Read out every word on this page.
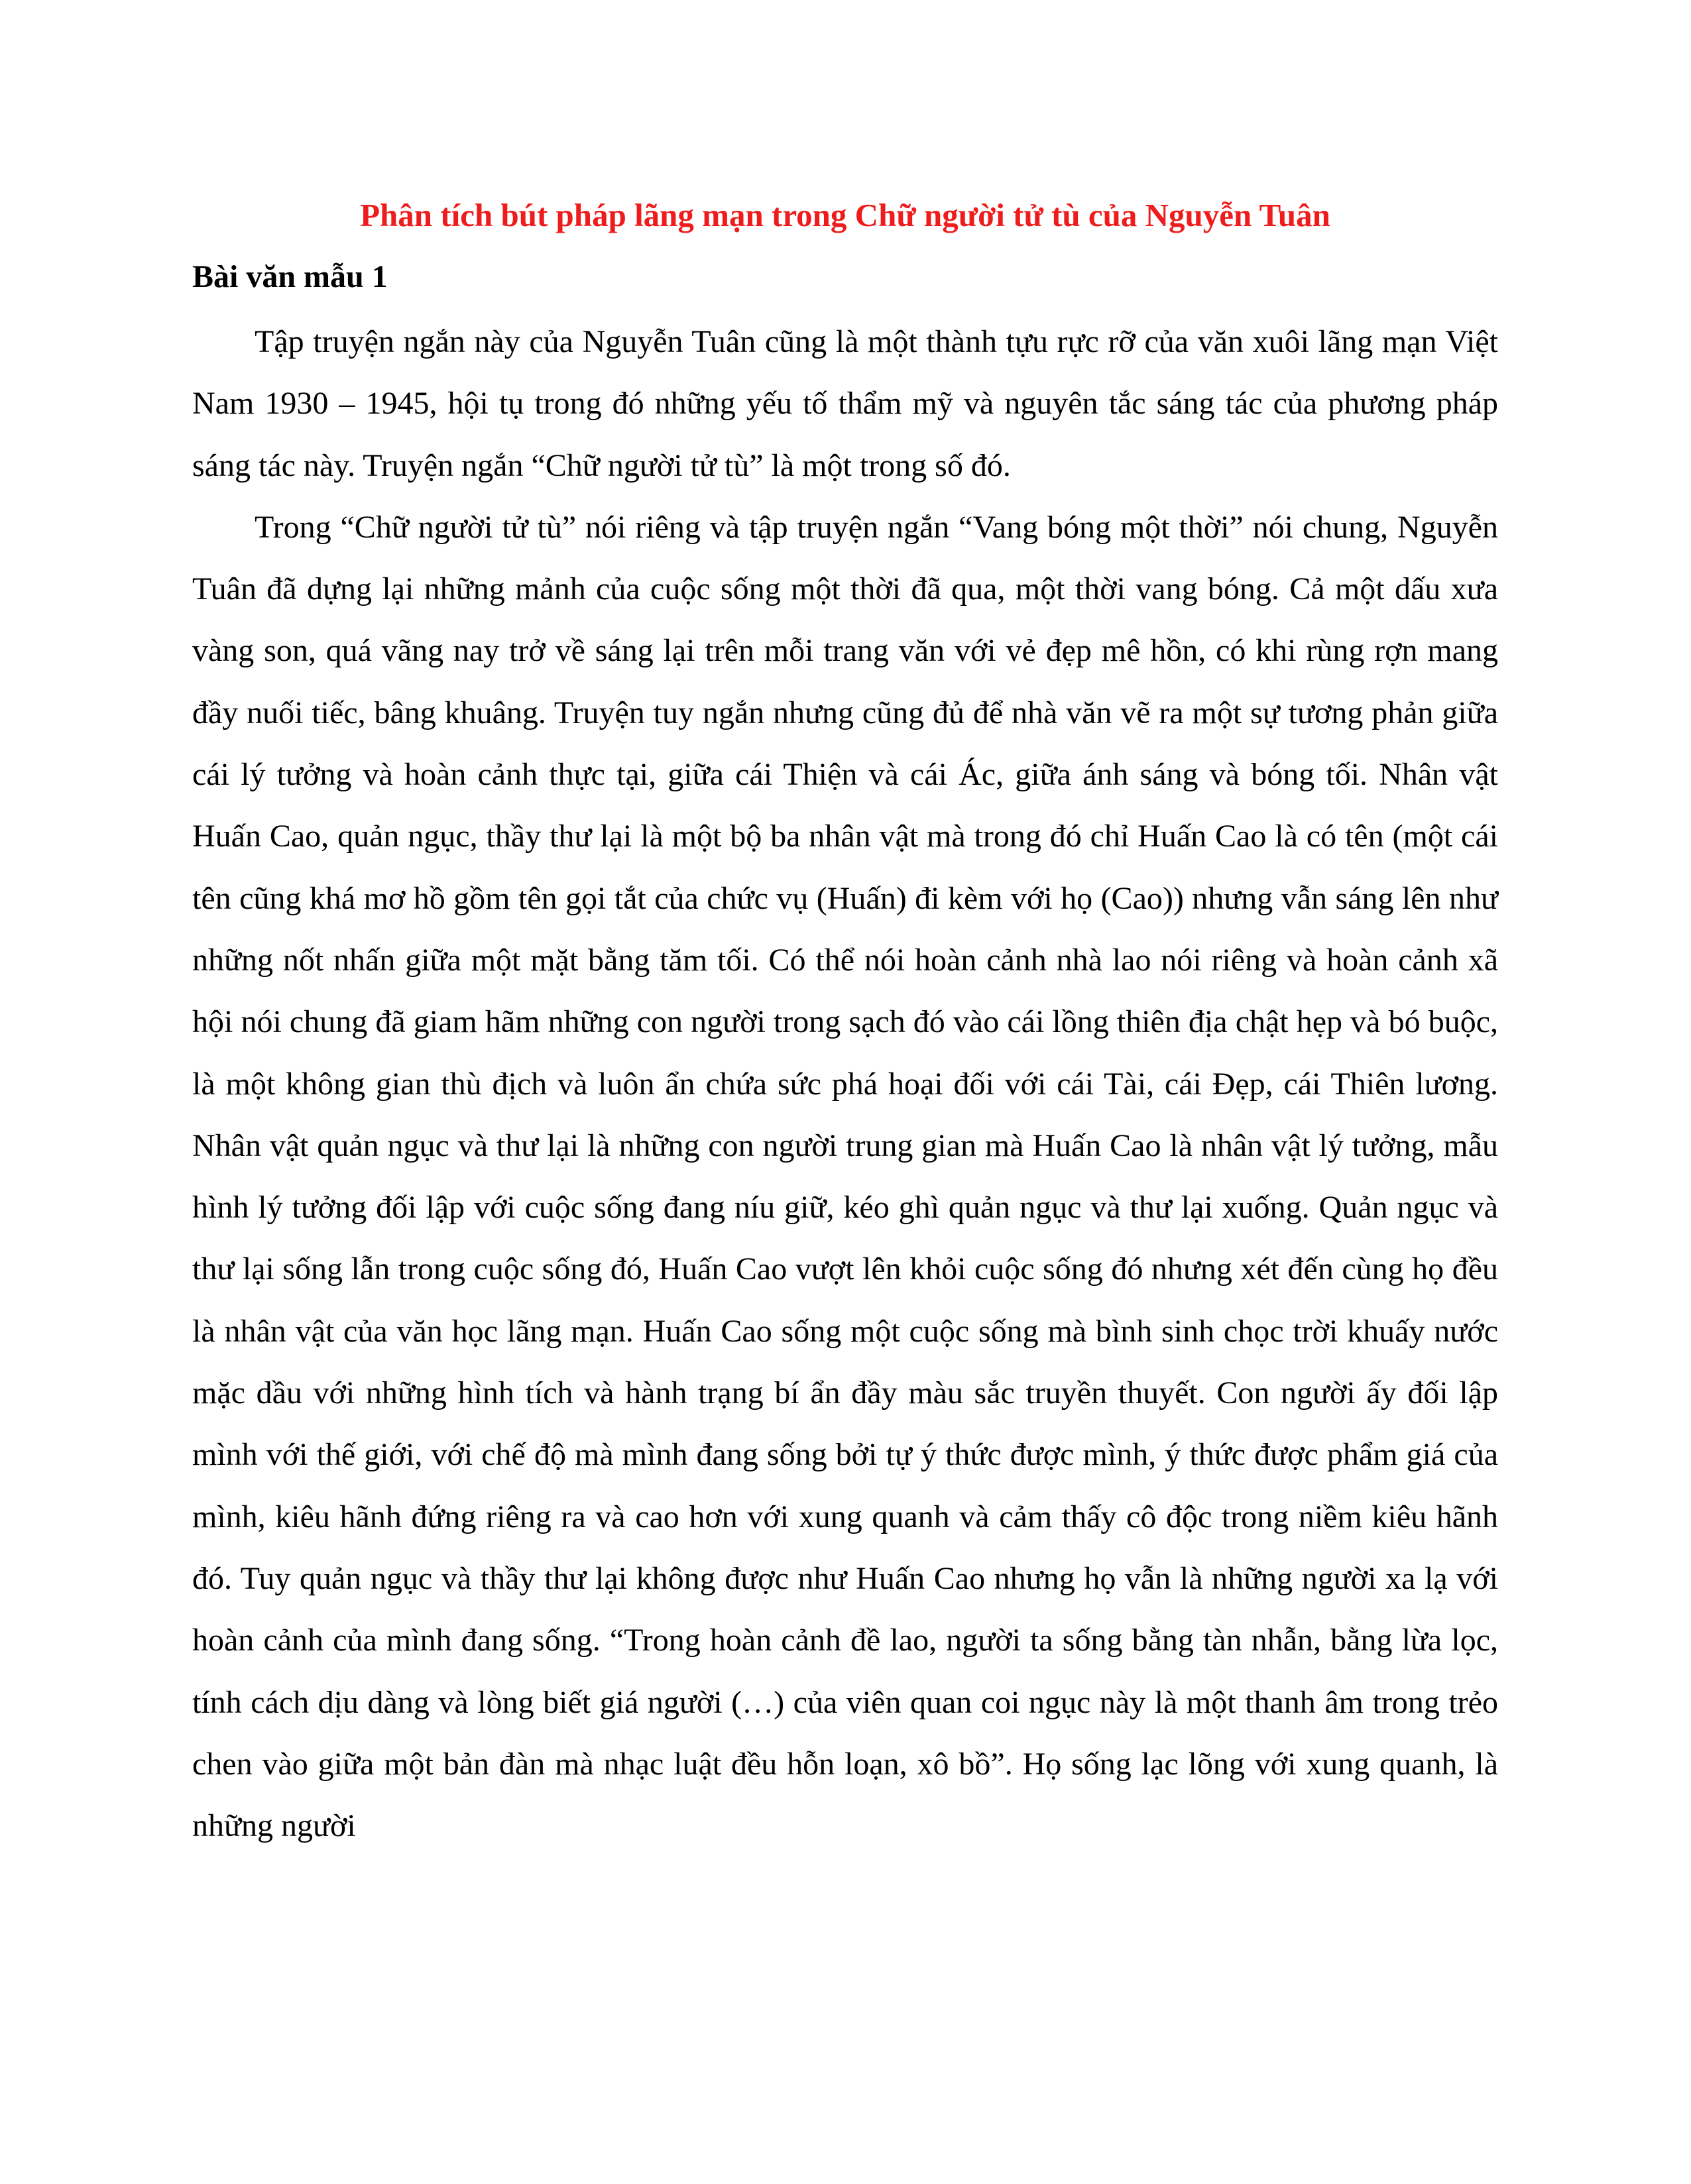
Phân tích bút pháp lãng mạn trong Chữ người tử tù của Nguyễn Tuân
Bài văn mẫu 1

Tập truyện ngắn này của Nguyễn Tuân cũng là một thành tựu rực rỡ của văn xuôi lãng mạn Việt Nam 1930 – 1945, hội tụ trong đó những yếu tố thẩm mỹ và nguyên tắc sáng tác của phương pháp sáng tác này. Truyện ngắn “Chữ người tử tù” là một trong số đó.

Trong “Chữ người tử tù” nói riêng và tập truyện ngắn “Vang bóng một thời” nói chung, Nguyễn Tuân đã dựng lại những mảnh của cuộc sống một thời đã qua, một thời vang bóng. Cả một dấu xưa vàng son, quá vãng nay trở về sáng lại trên mỗi trang văn với vẻ đẹp mê hồn, có khi rùng rợn mang đầy nuối tiếc, bâng khuâng. Truyện tuy ngắn nhưng cũng đủ để nhà văn vẽ ra một sự tương phản giữa cái lý tưởng và hoàn cảnh thực tại, giữa cái Thiện và cái Ác, giữa ánh sáng và bóng tối. Nhân vật Huấn Cao, quản ngục, thầy thư lại là một bộ ba nhân vật mà trong đó chỉ Huấn Cao là có tên (một cái tên cũng khá mơ hồ gồm tên gọi tắt của chức vụ (Huấn) đi kèm với họ (Cao)) nhưng vẫn sáng lên như những nốt nhấn giữa một mặt bằng tăm tối. Có thể nói hoàn cảnh nhà lao nói riêng và hoàn cảnh xã hội nói chung đã giam hãm những con người trong sạch đó vào cái lồng thiên địa chật hẹp và bó buộc, là một không gian thù địch và luôn ẩn chứa sức phá hoại đối với cái Tài, cái Đẹp, cái Thiên lương. Nhân vật quản ngục và thư lại là những con người trung gian mà Huấn Cao là nhân vật lý tưởng, mẫu hình lý tưởng đối lập với cuộc sống đang níu giữ, kéo ghì quản ngục và thư lại xuống. Quản ngục và thư lại sống lẫn trong cuộc sống đó, Huấn Cao vượt lên khỏi cuộc sống đó nhưng xét đến cùng họ đều là nhân vật của văn học lãng mạn. Huấn Cao sống một cuộc sống mà bình sinh chọc trời khuấy nước mặc dầu với những hình tích và hành trạng bí ẩn đầy màu sắc truyền thuyết. Con người ấy đối lập mình với thế giới, với chế độ mà mình đang sống bởi tự ý thức được mình, ý thức được phẩm giá của mình, kiêu hãnh đứng riêng ra và cao hơn với xung quanh và cảm thấy cô độc trong niềm kiêu hãnh đó. Tuy quản ngục và thầy thư lại không được như Huấn Cao nhưng họ vẫn là những người xa lạ với hoàn cảnh của mình đang sống. “Trong hoàn cảnh đề lao, người ta sống bằng tàn nhẫn, bằng lừa lọc, tính cách dịu dàng và lòng biết giá người (…) của viên quan coi ngục này là một thanh âm trong trẻo chen vào giữa một bản đàn mà nhạc luật đều hỗn loạn, xô bồ”. Họ sống lạc lõng với xung quanh, là những người
